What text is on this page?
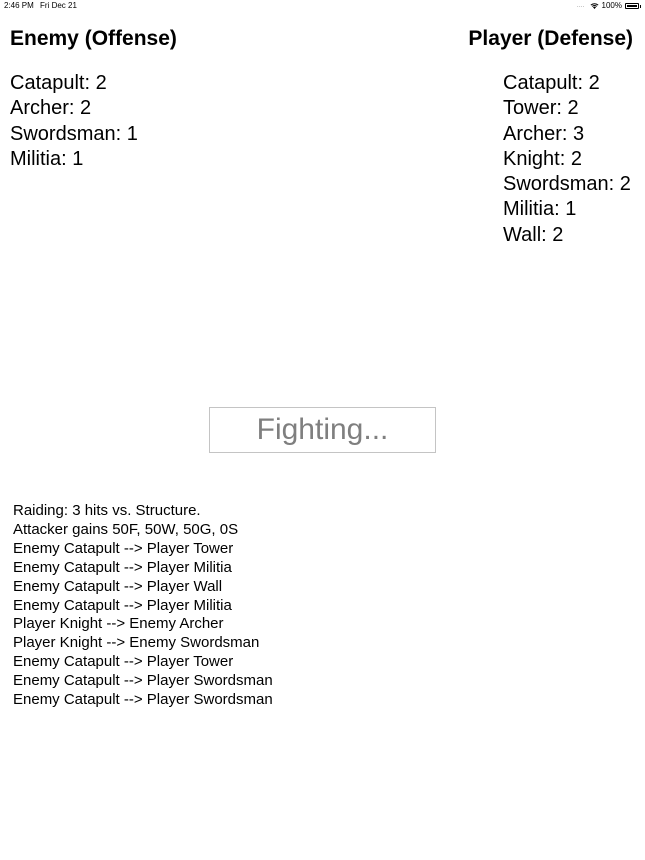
2:46 PM Fri Dec 21	.... 100%
Enemy (Offense)	Player (Defense)
Catapult: 2
Archer: 2
Swordsman: 1
Militia: 1
Catapult: 2
Tower: 2
Archer: 3
Knight: 2
Swordsman: 2
Militia: 1
Wall: 2
Fighting...
Raiding: 3 hits vs. Structure.
Attacker gains 50F, 50W, 50G, 0S
Enemy Catapult --> Player Tower
Enemy Catapult --> Player Militia
Enemy Catapult --> Player Wall
Enemy Catapult --> Player Militia
Player Knight --> Enemy Archer
Player Knight --> Enemy Swordsman
Enemy Catapult --> Player Tower
Enemy Catapult --> Player Swordsman
Enemy Catapult --> Player Swordsman
